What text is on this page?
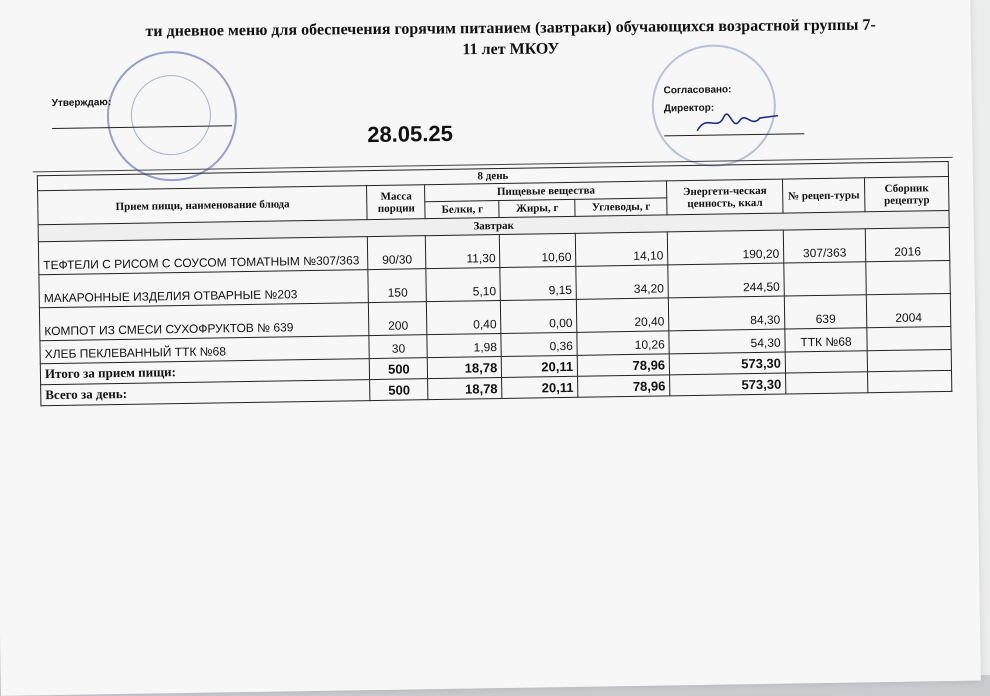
ти дневное меню для обеспечения горячим питанием (завтраки) обучающихся возрастной группы 7-
11 лет МКОУ
Утверждаю:
Согласовано:
Директор:
28.05.25
8 день							
Прием пищи, наименование блюда	Масса порции	Пищевые вещества			Энергети-ческая ценность, ккал	№ рецеп-туры	Сборник рецептур
		Белки, г	Жиры, г	Углеводы, г			
Завтрак							
ТЕФТЕЛИ С РИСОМ С СОУСОМ ТОМАТНЫМ №307/363	90/30	11,30	10,60	14,10	190,20	307/363	2016
МАКАРОННЫЕ ИЗДЕЛИЯ ОТВАРНЫЕ №203	150	5,10	9,15	34,20	244,50		
КОМПОТ ИЗ СМЕСИ СУХОФРУКТОВ № 639	200	0,40	0,00	20,40	84,30	639	2004
ХЛЕБ ПЕКЛЕВАННЫЙ ТТК №68	30	1,98	0,36	10,26	54,30	ТТК №68	
Итого за прием пищи:	500	18,78	20,11	78,96	573,30		
Всего за день:	500	18,78	20,11	78,96	573,30		
